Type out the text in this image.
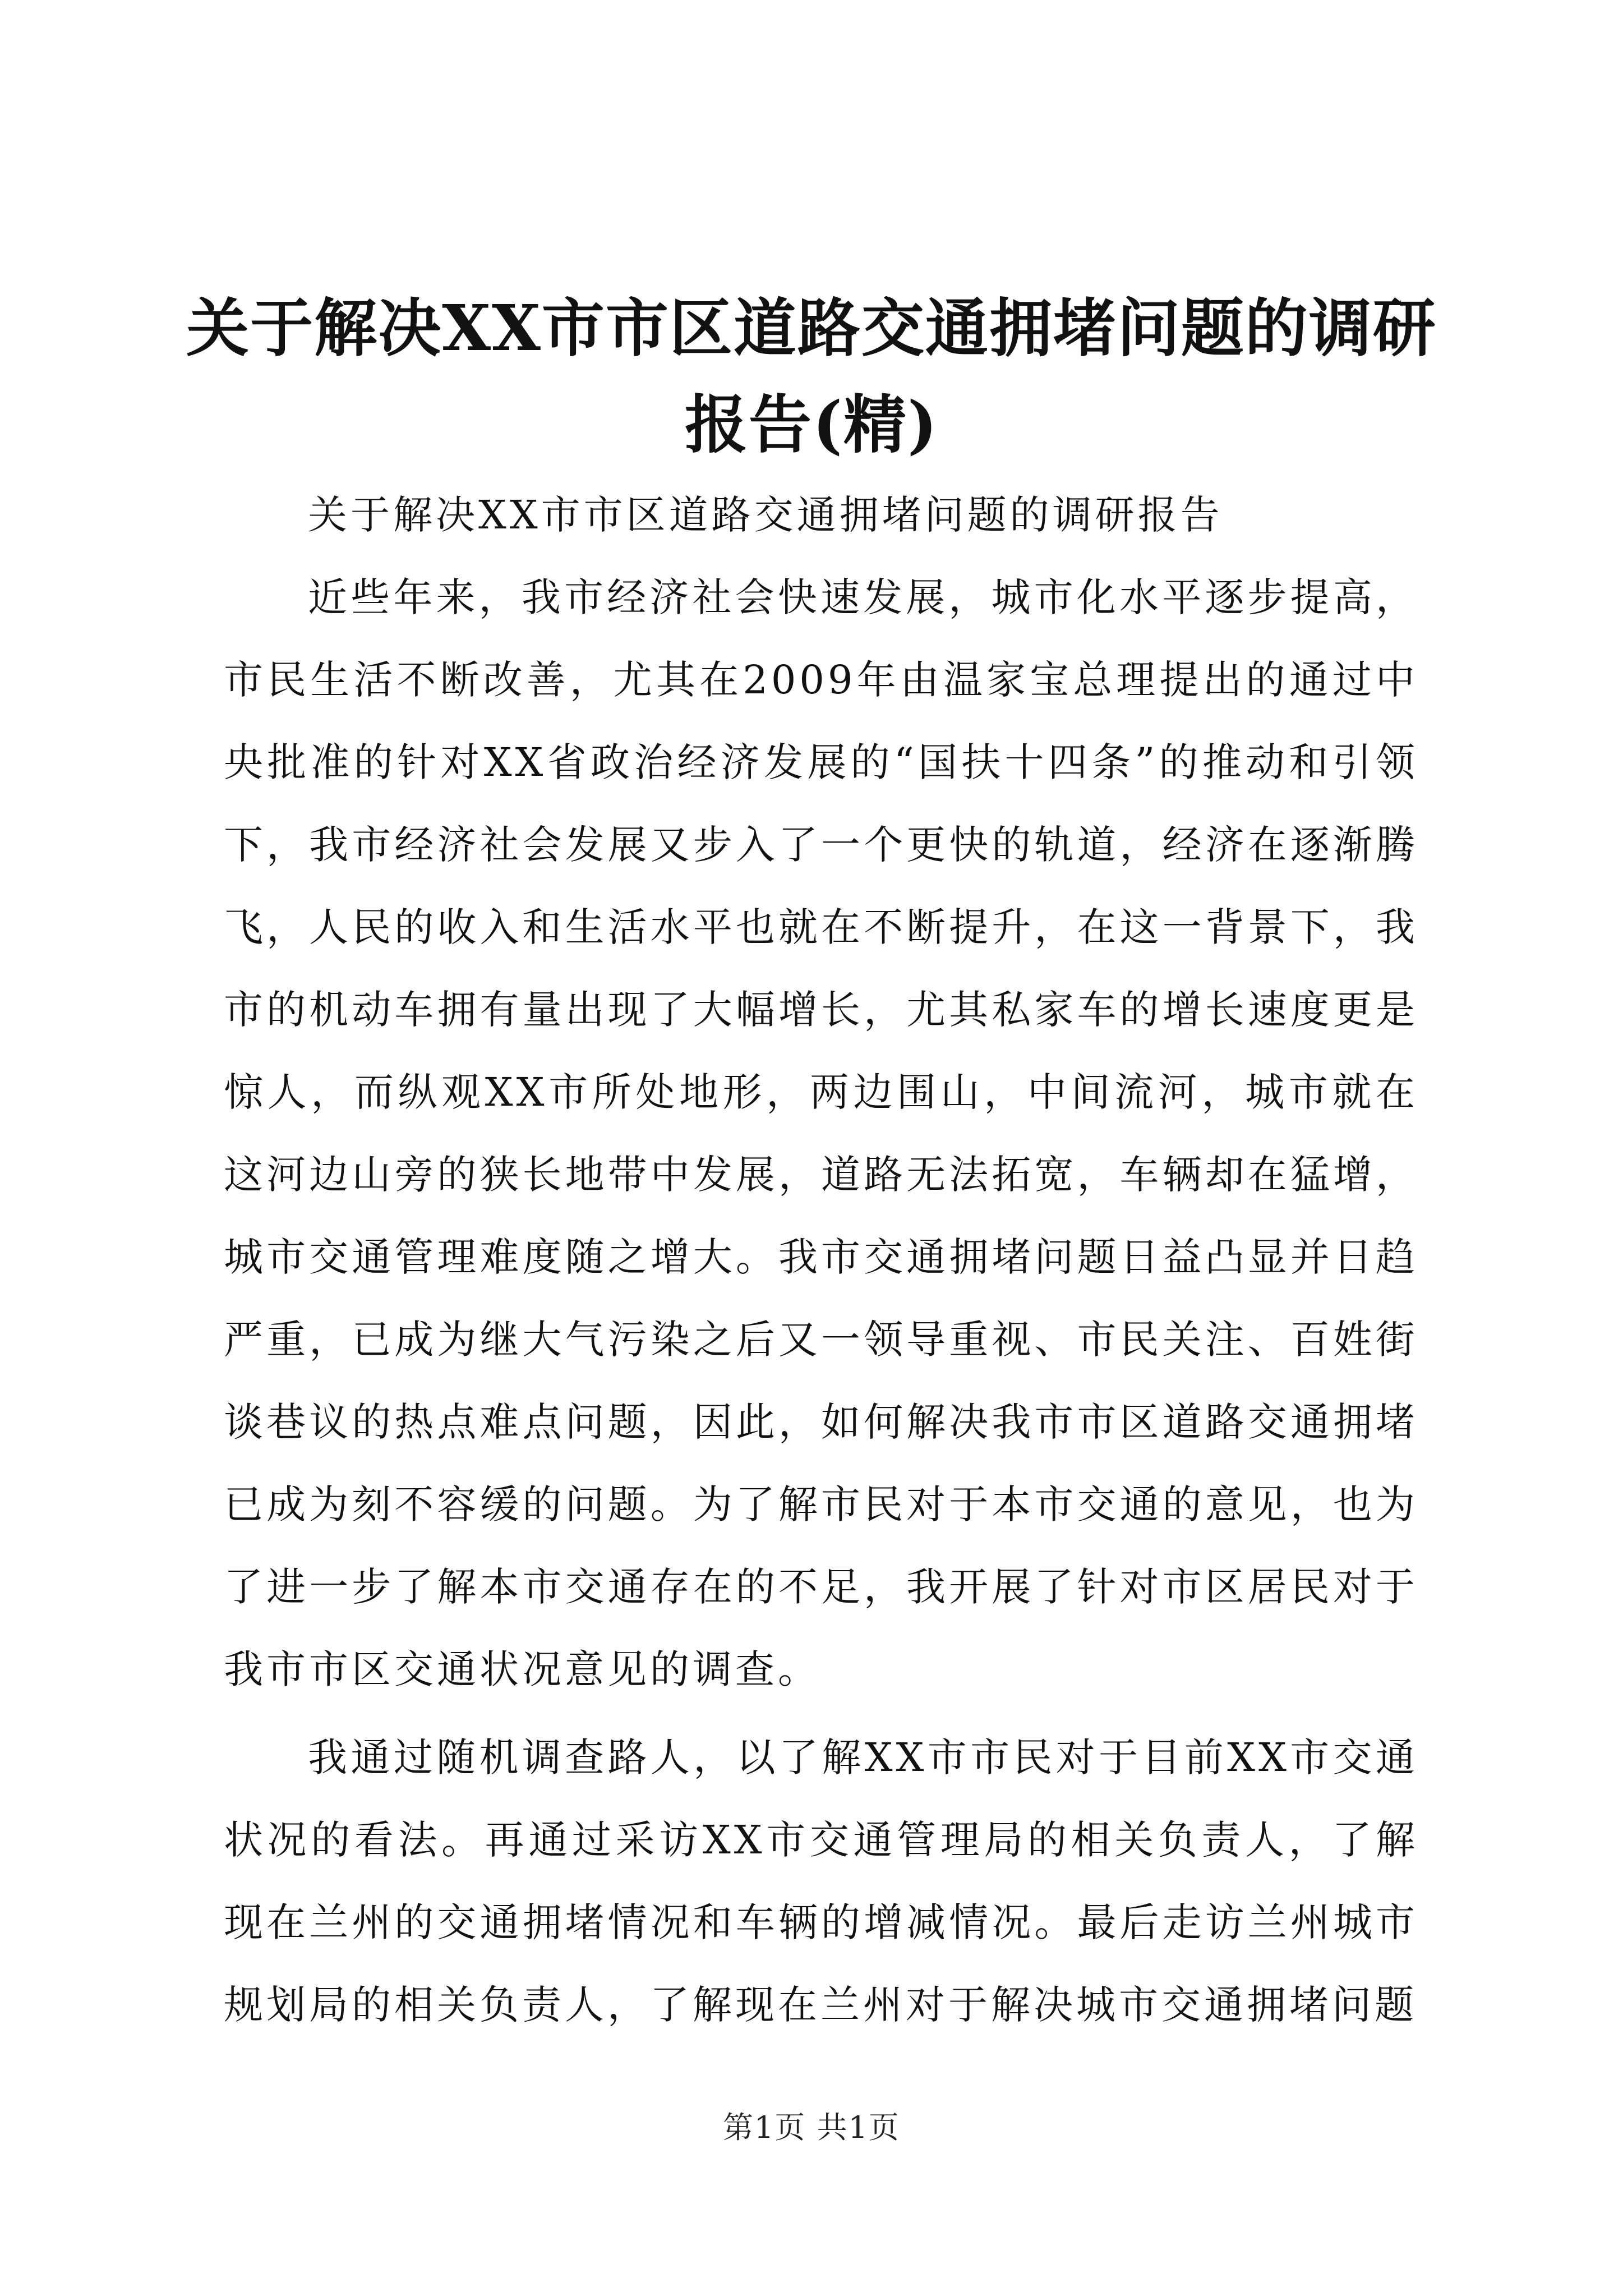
关于解决XX市市区道路交通拥堵问题的调研
报告(精)

关于解决XX市市区道路交通拥堵问题的调研报告

近些年来，我市经济社会快速发展，城市化水平逐步提高，市民生活不断改善，尤其在2009年由温家宝总理提出的通过中央批准的针对XX省政治经济发展的“国扶十四条”的推动和引领下，我市经济社会发展又步入了一个更快的轨道，经济在逐渐腾飞，人民的收入和生活水平也就在不断提升，在这一背景下，我市的机动车拥有量出现了大幅增长，尤其私家车的增长速度更是惊人，而纵观XX市所处地形，两边围山，中间流河，城市就在这河边山旁的狭长地带中发展，道路无法拓宽，车辆却在猛增，城市交通管理难度随之增大。我市交通拥堵问题日益凸显并日趋严重，已成为继大气污染之后又一领导重视、市民关注、百姓街谈巷议的热点难点问题，因此，如何解决我市市区道路交通拥堵已成为刻不容缓的问题。为了解市民对于本市交通的意见，也为了进一步了解本市交通存在的不足，我开展了针对市区居民对于我市市区交通状况意见的调查。

我通过随机调查路人，以了解XX市市民对于目前XX市交通状况的看法。再通过采访XX市交通管理局的相关负责人，了解现在兰州的交通拥堵情况和车辆的增减情况。最后走访兰州城市规划局的相关负责人，了解现在兰州对于解决城市交通拥堵问题

第1页 共1页
